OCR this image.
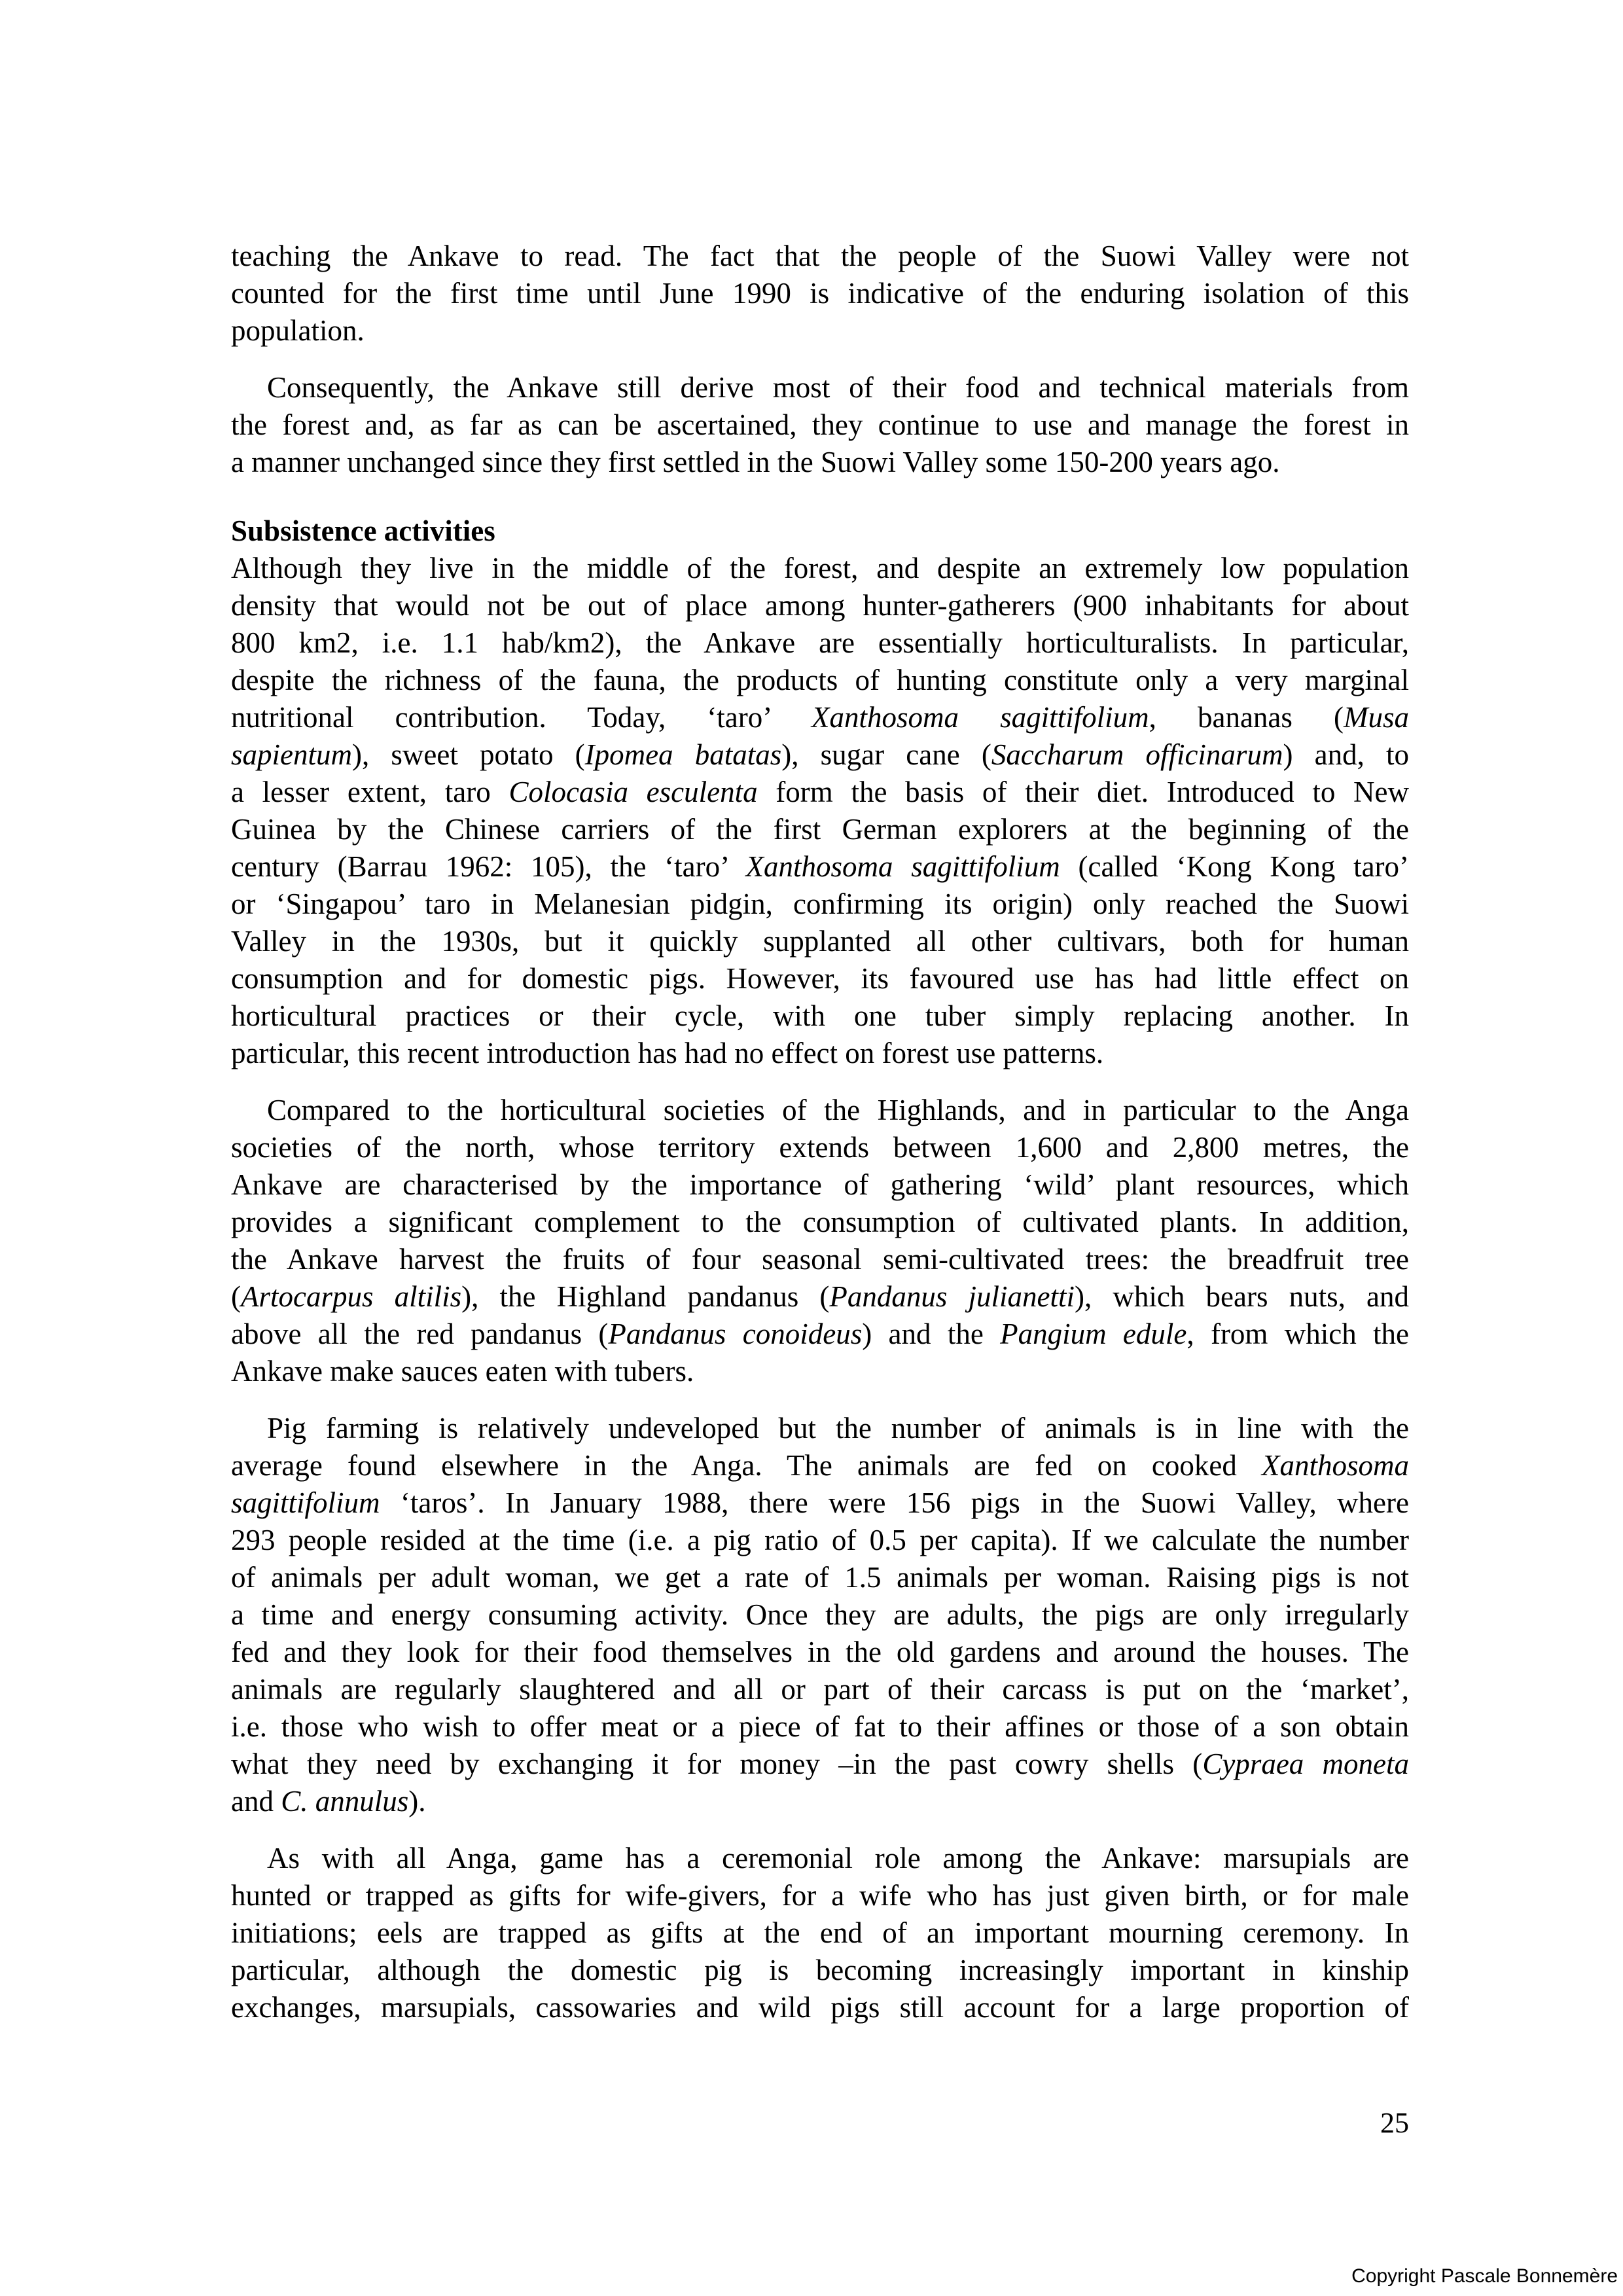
teaching the Ankave to read. The fact that the people of the Suowi Valley were not
counted for the first time until June 1990 is indicative of the enduring isolation of this
population.
Consequently, the Ankave still derive most of their food and technical materials from
the forest and, as far as can be ascertained, they continue to use and manage the forest in
a manner unchanged since they first settled in the Suowi Valley some 150-200 years ago.
Subsistence activities
Although they live in the middle of the forest, and despite an extremely low population
density that would not be out of place among hunter-gatherers (900 inhabitants for about
800 km2, i.e. 1.1 hab/km2), the Ankave are essentially horticulturalists. In particular,
despite the richness of the fauna, the products of hunting constitute only a very marginal
nutritional contribution. Today, ‘taro’ Xanthosoma sagittifolium, bananas (Musa
sapientum), sweet potato (Ipomea batatas), sugar cane (Saccharum officinarum) and, to
a lesser extent, taro Colocasia esculenta form the basis of their diet. Introduced to New
Guinea by the Chinese carriers of the first German explorers at the beginning of the
century (Barrau 1962: 105), the ‘taro’ Xanthosoma sagittifolium (called ‘Kong Kong taro’
or ‘Singapou’ taro in Melanesian pidgin, confirming its origin) only reached the Suowi
Valley in the 1930s, but it quickly supplanted all other cultivars, both for human
consumption and for domestic pigs. However, its favoured use has had little effect on
horticultural practices or their cycle, with one tuber simply replacing another. In
particular, this recent introduction has had no effect on forest use patterns.
Compared to the horticultural societies of the Highlands, and in particular to the Anga
societies of the north, whose territory extends between 1,600 and 2,800 metres, the
Ankave are characterised by the importance of gathering ‘wild’ plant resources, which
provides a significant complement to the consumption of cultivated plants. In addition,
the Ankave harvest the fruits of four seasonal semi-cultivated trees: the breadfruit tree
(Artocarpus altilis), the Highland pandanus (Pandanus julianetti), which bears nuts, and
above all the red pandanus (Pandanus conoideus) and the Pangium edule, from which the
Ankave make sauces eaten with tubers.
Pig farming is relatively undeveloped but the number of animals is in line with the
average found elsewhere in the Anga. The animals are fed on cooked Xanthosoma
sagittifolium ‘taros’. In January 1988, there were 156 pigs in the Suowi Valley, where
293 people resided at the time (i.e. a pig ratio of 0.5 per capita). If we calculate the number
of animals per adult woman, we get a rate of 1.5 animals per woman. Raising pigs is not
a time and energy consuming activity. Once they are adults, the pigs are only irregularly
fed and they look for their food themselves in the old gardens and around the houses. The
animals are regularly slaughtered and all or part of their carcass is put on the ‘market’,
i.e. those who wish to offer meat or a piece of fat to their affines or those of a son obtain
what they need by exchanging it for money –in the past cowry shells (Cypraea moneta
and C. annulus).
As with all Anga, game has a ceremonial role among the Ankave: marsupials are
hunted or trapped as gifts for wife-givers, for a wife who has just given birth, or for male
initiations; eels are trapped as gifts at the end of an important mourning ceremony. In
particular, although the domestic pig is becoming increasingly important in kinship
exchanges, marsupials, cassowaries and wild pigs still account for a large proportion of
25
Copyright Pascale Bonnemère
